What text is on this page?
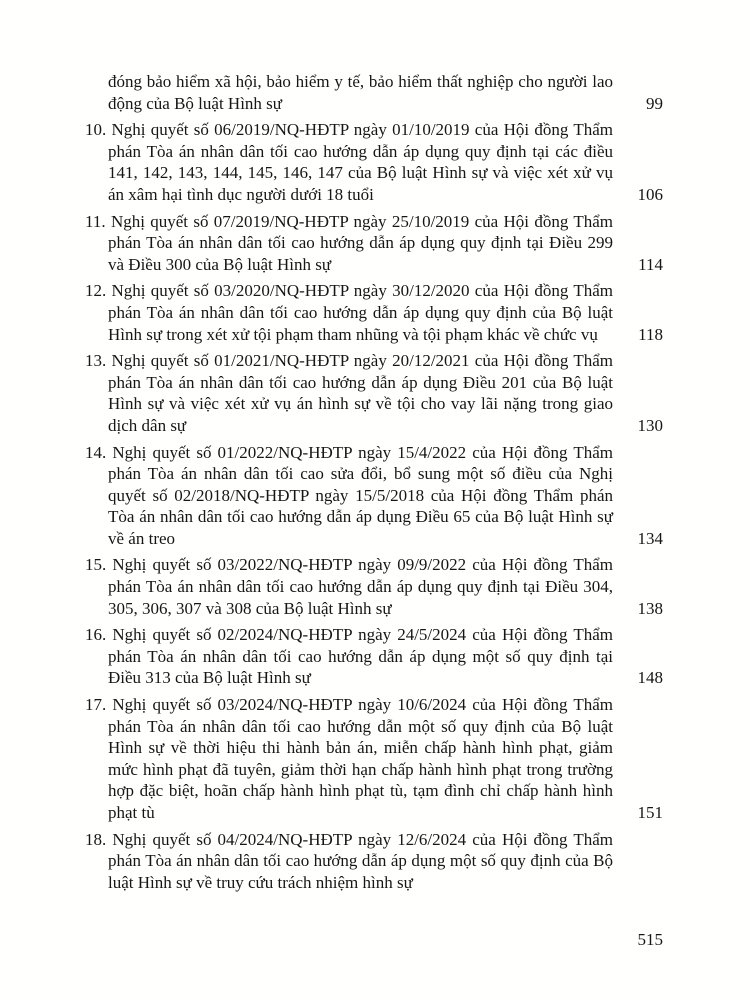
đóng bảo hiểm xã hội, bảo hiểm y tế, bảo hiểm thất nghiệp cho người lao động của Bộ luật Hình sự	99

10. Nghị quyết số 06/2019/NQ-HĐTP ngày 01/10/2019 của Hội đồng Thẩm phán Tòa án nhân dân tối cao hướng dẫn áp dụng quy định tại các điều 141, 142, 143, 144, 145, 146, 147 của Bộ luật Hình sự và việc xét xử vụ án xâm hại tình dục người dưới 18 tuổi	106

11. Nghị quyết số 07/2019/NQ-HĐTP ngày 25/10/2019 của Hội đồng Thẩm phán Tòa án nhân dân tối cao hướng dẫn áp dụng quy định tại Điều 299 và Điều 300 của Bộ luật Hình sự	114

12. Nghị quyết số 03/2020/NQ-HĐTP ngày 30/12/2020 của Hội đồng Thẩm phán Tòa án nhân dân tối cao hướng dẫn áp dụng quy định của Bộ luật Hình sự trong xét xử tội phạm tham nhũng và tội phạm khác về chức vụ 118

13. Nghị quyết số 01/2021/NQ-HĐTP ngày 20/12/2021 của Hội đồng Thẩm phán Tòa án nhân dân tối cao hướng dẫn áp dụng Điều 201 của Bộ luật Hình sự và việc xét xử vụ án hình sự về tội cho vay lãi nặng trong giao dịch dân sự	130

14. Nghị quyết số 01/2022/NQ-HĐTP ngày 15/4/2022 của Hội đồng Thẩm phán Tòa án nhân dân tối cao sửa đổi, bổ sung một số điều của Nghị quyết số 02/2018/NQ-HĐTP ngày 15/5/2018 của Hội đồng Thẩm phán Tòa án nhân dân tối cao hướng dẫn áp dụng Điều 65 của Bộ luật Hình sự về án treo	134

15. Nghị quyết số 03/2022/NQ-HĐTP ngày 09/9/2022 của Hội đồng Thẩm phán Tòa án nhân dân tối cao hướng dẫn áp dụng quy định tại Điều 304, 305, 306, 307 và 308 của Bộ luật Hình sự	138

16. Nghị quyết số 02/2024/NQ-HĐTP ngày 24/5/2024 của Hội đồng Thẩm phán Tòa án nhân dân tối cao hướng dẫn áp dụng một số quy định tại Điều 313 của Bộ luật Hình sự	148

17. Nghị quyết số 03/2024/NQ-HĐTP ngày 10/6/2024 của Hội đồng Thẩm phán Tòa án nhân dân tối cao hướng dẫn một số quy định của Bộ luật Hình sự về thời hiệu thi hành bản án, miễn chấp hành hình phạt, giảm mức hình phạt đã tuyên, giảm thời hạn chấp hành hình phạt trong trường hợp đặc biệt, hoãn chấp hành hình phạt tù, tạm đình chỉ chấp hành hình phạt tù	151

18. Nghị quyết số 04/2024/NQ-HĐTP ngày 12/6/2024 của Hội đồng Thẩm phán Tòa án nhân dân tối cao hướng dẫn áp dụng một số quy định của Bộ luật Hình sự về truy cứu trách nhiệm hình sự

515
